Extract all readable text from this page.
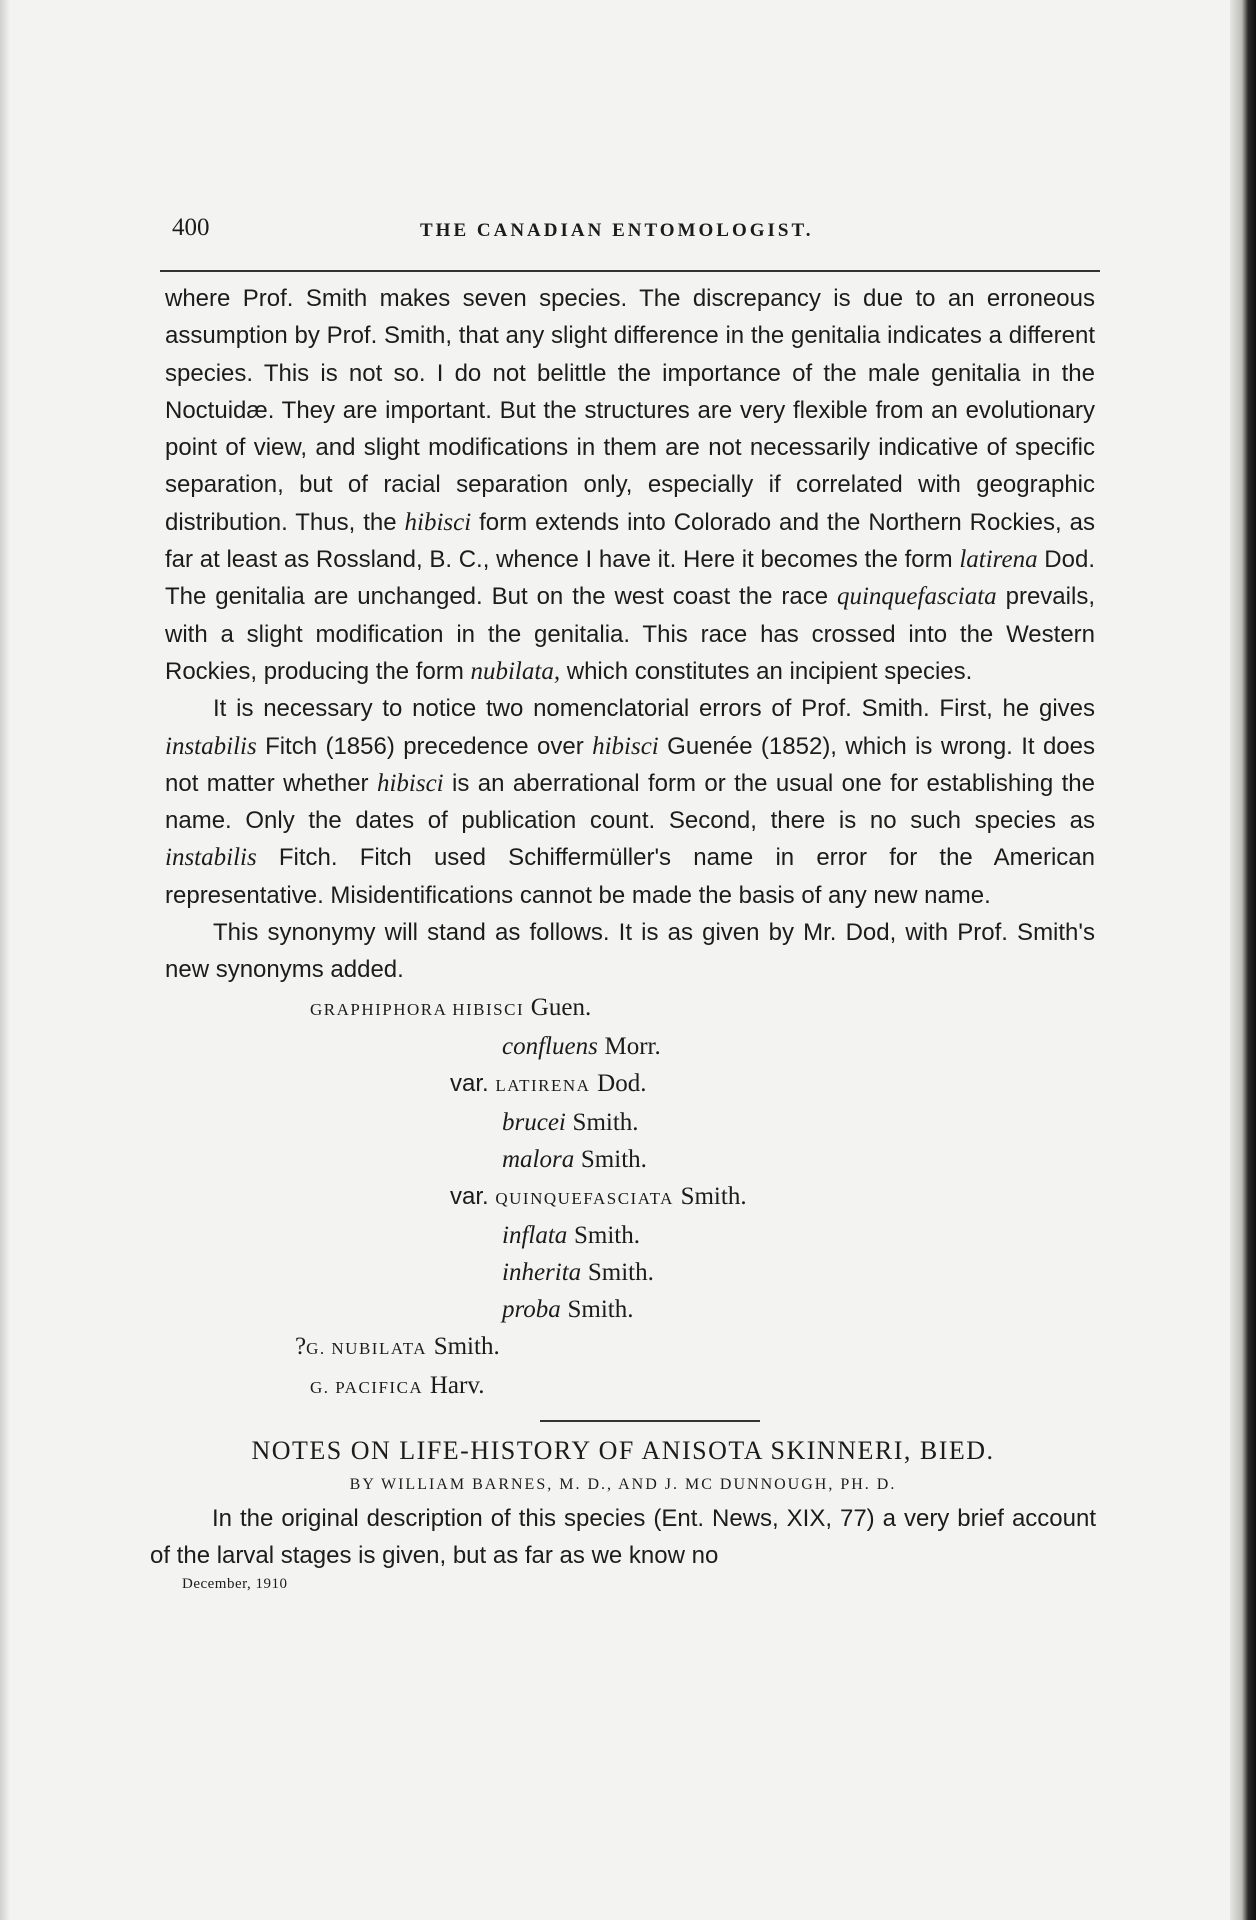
400	THE CANADIAN ENTOMOLOGIST.

where Prof. Smith makes seven species. The discrepancy is due to an erroneous assumption by Prof. Smith, that any slight difference in the genitalia indicates a different species. This is not so. I do not belittle the importance of the male genitalia in the Noctuidæ. They are important. But the structures are very flexible from an evolutionary point of view, and slight modifications in them are not necessarily indicative of specific separation, but of racial separation only, especially if correlated with geographic distribution. Thus, the hibisci form extends into Colorado and the Northern Rockies, as far at least as Rossland, B. C., whence I have it. Here it becomes the form latirena Dod. The genitalia are unchanged. But on the west coast the race quinquefasciata prevails, with a slight modification in the genitalia. This race has crossed into the Western Rockies, producing the form nubilata, which constitutes an incipient species.

It is necessary to notice two nomenclatorial errors of Prof. Smith. First, he gives instabilis Fitch (1856) precedence over hibisci Guenée (1852), which is wrong. It does not matter whether hibisci is an aberrational form or the usual one for establishing the name. Only the dates of publication count. Second, there is no such species as instabilis Fitch. Fitch used Schiffermüller's name in error for the American representative. Misidentifications cannot be made the basis of any new name.

This synonymy will stand as follows. It is as given by Mr. Dod, with Prof. Smith's new synonyms added.

GRAPHIPHORA HIBISCI Guen.
confluens Morr.
var. LATIRENA Dod.
brucei Smith.
malora Smith.
var. QUINQUEFASCIATA Smith.
inflata Smith.
inherita Smith.
proba Smith.
?G. NUBILATA Smith.
G. PACIFICA Harv.
NOTES ON LIFE-HISTORY OF ANISOTA SKINNERI, BIED.
BY WILLIAM BARNES, M. D., AND J. MC DUNNOUGH, PH. D.

In the original description of this species (Ent. News, XIX, 77) a very brief account of the larval stages is given, but as far as we know no

December, 1910
